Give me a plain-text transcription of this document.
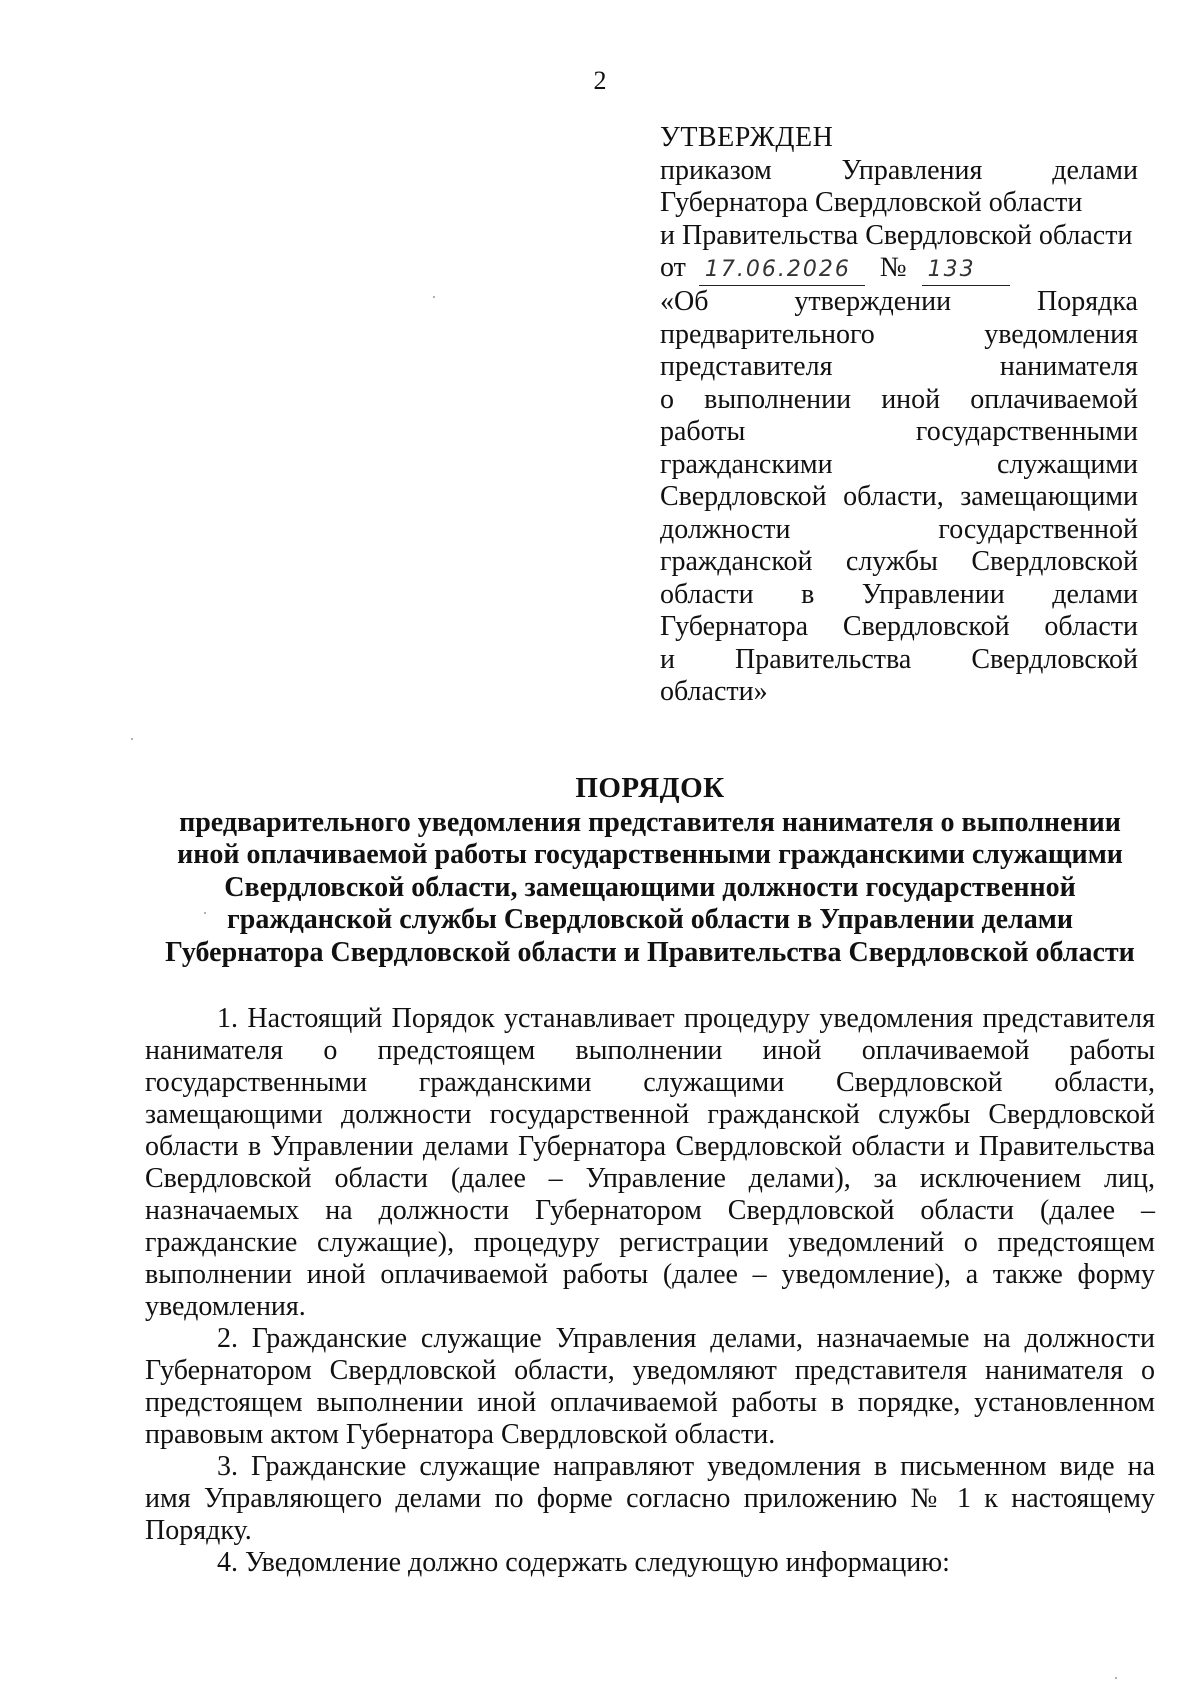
2
УТВЕРЖДЕН
приказом Управления делами
Губернатора Свердловской области
и Правительства Свердловской области
от 17.06.2026 № 133
«Об утверждении Порядка
предварительного уведомления
представителя нанимателя
о выполнении иной оплачиваемой
работы государственными
гражданскими служащими
Свердловской области, замещающими
должности государственной
гражданской службы Свердловской
области в Управлении делами
Губернатора Свердловской области
и Правительства Свердловской
области»
ПОРЯДОК
предварительного уведомления представителя нанимателя о выполнении
иной оплачиваемой работы государственными гражданскими служащими
Свердловской области, замещающими должности государственной
гражданской службы Свердловской области в Управлении делами
Губернатора Свердловской области и Правительства Свердловской области

1. Настоящий Порядок устанавливает процедуру уведомления представителя нанимателя о предстоящем выполнении иной оплачиваемой работы государственными гражданскими служащими Свердловской области, замещающими должности государственной гражданской службы Свердловской области в Управлении делами Губернатора Свердловской области и Правительства Свердловской области (далее – Управление делами), за исключением лиц, назначаемых на должности Губернатором Свердловской области (далее – гражданские служащие), процедуру регистрации уведомлений о предстоящем выполнении иной оплачиваемой работы (далее – уведомление), а также форму уведомления.

2. Гражданские служащие Управления делами, назначаемые на должности Губернатором Свердловской области, уведомляют представителя нанимателя о предстоящем выполнении иной оплачиваемой работы в порядке, установленном правовым актом Губернатора Свердловской области.

3. Гражданские служащие направляют уведомления в письменном виде на имя Управляющего делами по форме согласно приложению № 1 к настоящему Порядку.

4. Уведомление должно содержать следующую информацию:
